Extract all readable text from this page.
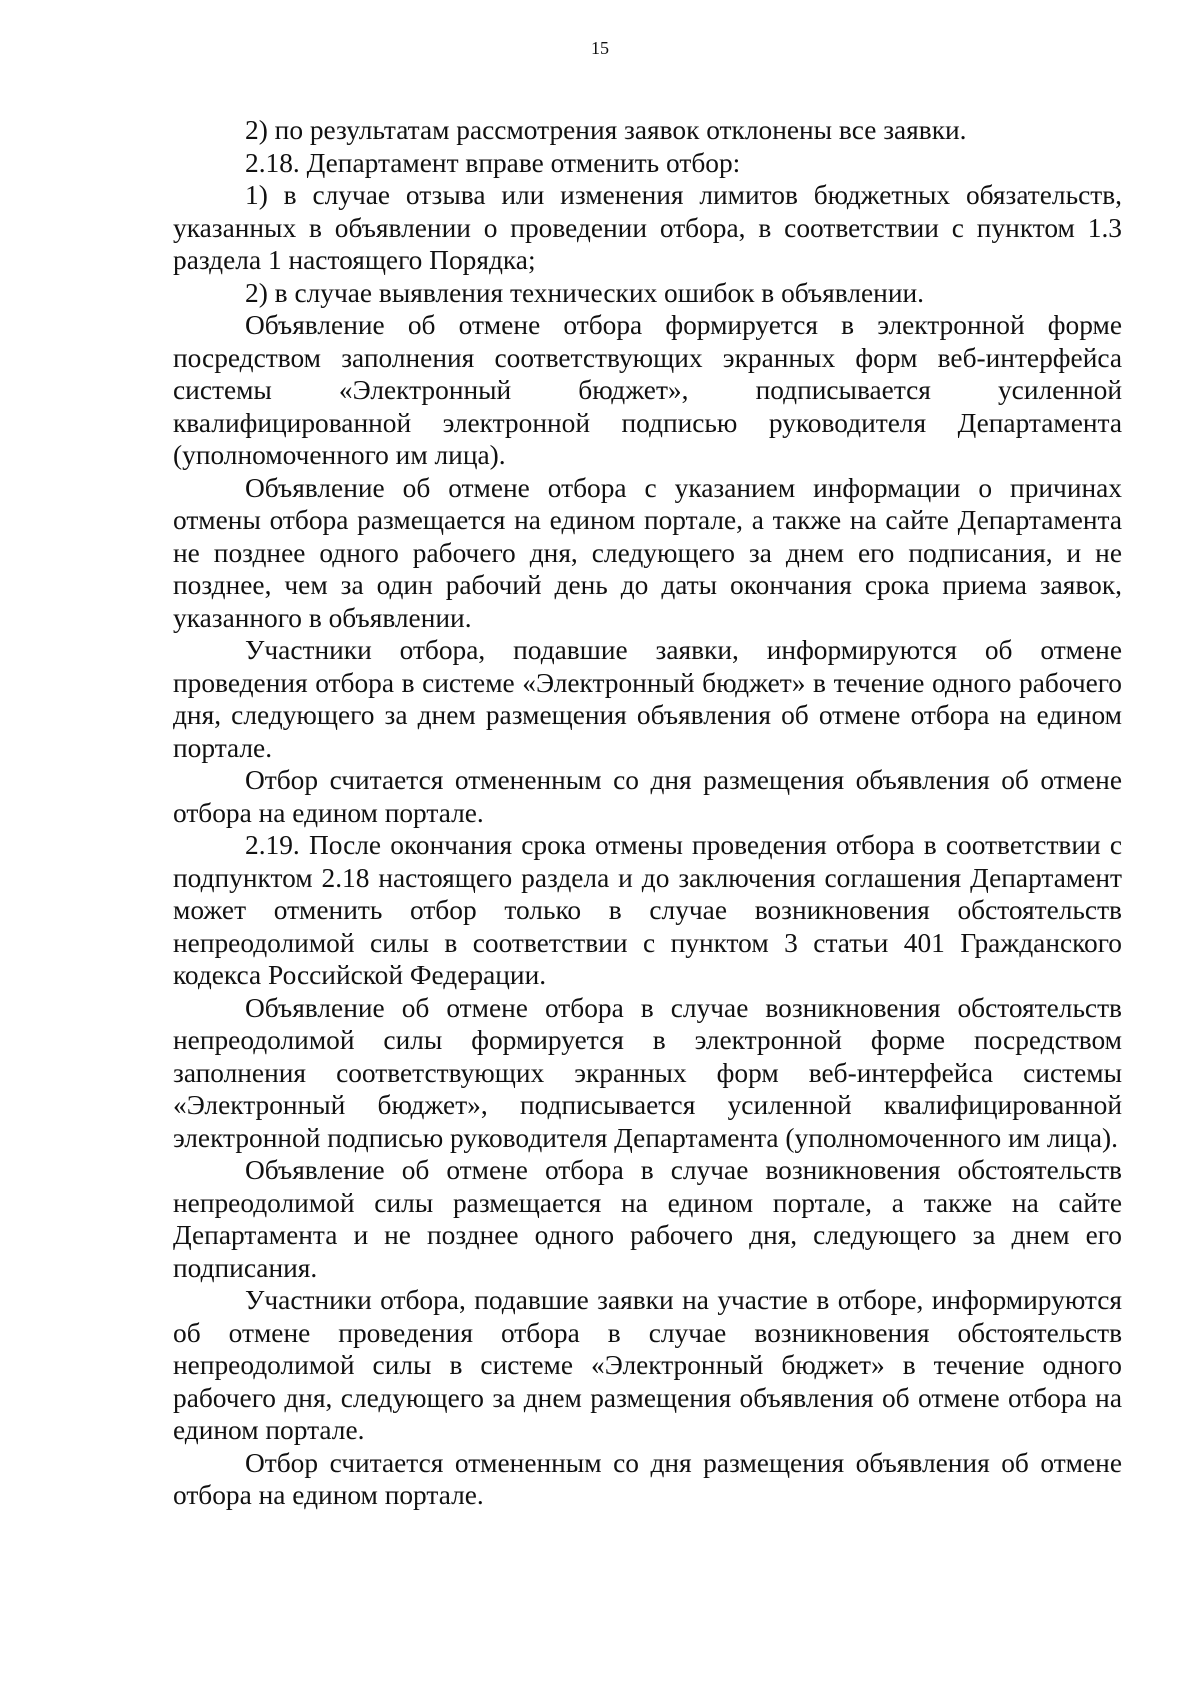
15

2) по результатам рассмотрения заявок отклонены все заявки.

2.18. Департамент вправе отменить отбор:

1) в случае отзыва или изменения лимитов бюджетных обязательств, указанных в объявлении о проведении отбора, в соответствии с пунктом 1.3 раздела 1 настоящего Порядка;

2) в случае выявления технических ошибок в объявлении.

Объявление об отмене отбора формируется в электронной форме посредством заполнения соответствующих экранных форм веб-интерфейса системы «Электронный бюджет», подписывается усиленной квалифицированной электронной подписью руководителя Департамента (уполномоченного им лица).

Объявление об отмене отбора с указанием информации о причинах отмены отбора размещается на едином портале, а также на сайте Департамента не позднее одного рабочего дня, следующего за днем его подписания, и не позднее, чем за один рабочий день до даты окончания срока приема заявок, указанного в объявлении.

Участники отбора, подавшие заявки, информируются об отмене проведения отбора в системе «Электронный бюджет» в течение одного рабочего дня, следующего за днем размещения объявления об отмене отбора на едином портале.

Отбор считается отмененным со дня размещения объявления об отмене отбора на едином портале.

2.19. После окончания срока отмены проведения отбора в соответствии с подпунктом 2.18 настоящего раздела и до заключения соглашения Департамент может отменить отбор только в случае возникновения обстоятельств непреодолимой силы в соответствии с пунктом 3 статьи 401 Гражданского кодекса Российской Федерации.

Объявление об отмене отбора в случае возникновения обстоятельств непреодолимой силы формируется в электронной форме посредством заполнения соответствующих экранных форм веб-интерфейса системы «Электронный бюджет», подписывается усиленной квалифицированной электронной подписью руководителя Департамента (уполномоченного им лица).

Объявление об отмене отбора в случае возникновения обстоятельств непреодолимой силы размещается на едином портале, а также на сайте Департамента и не позднее одного рабочего дня, следующего за днем его подписания.

Участники отбора, подавшие заявки на участие в отборе, информируются об отмене проведения отбора в случае возникновения обстоятельств непреодолимой силы в системе «Электронный бюджет» в течение одного рабочего дня, следующего за днем размещения объявления об отмене отбора на едином портале.

Отбор считается отмененным со дня размещения объявления об отмене отбора на едином портале.
